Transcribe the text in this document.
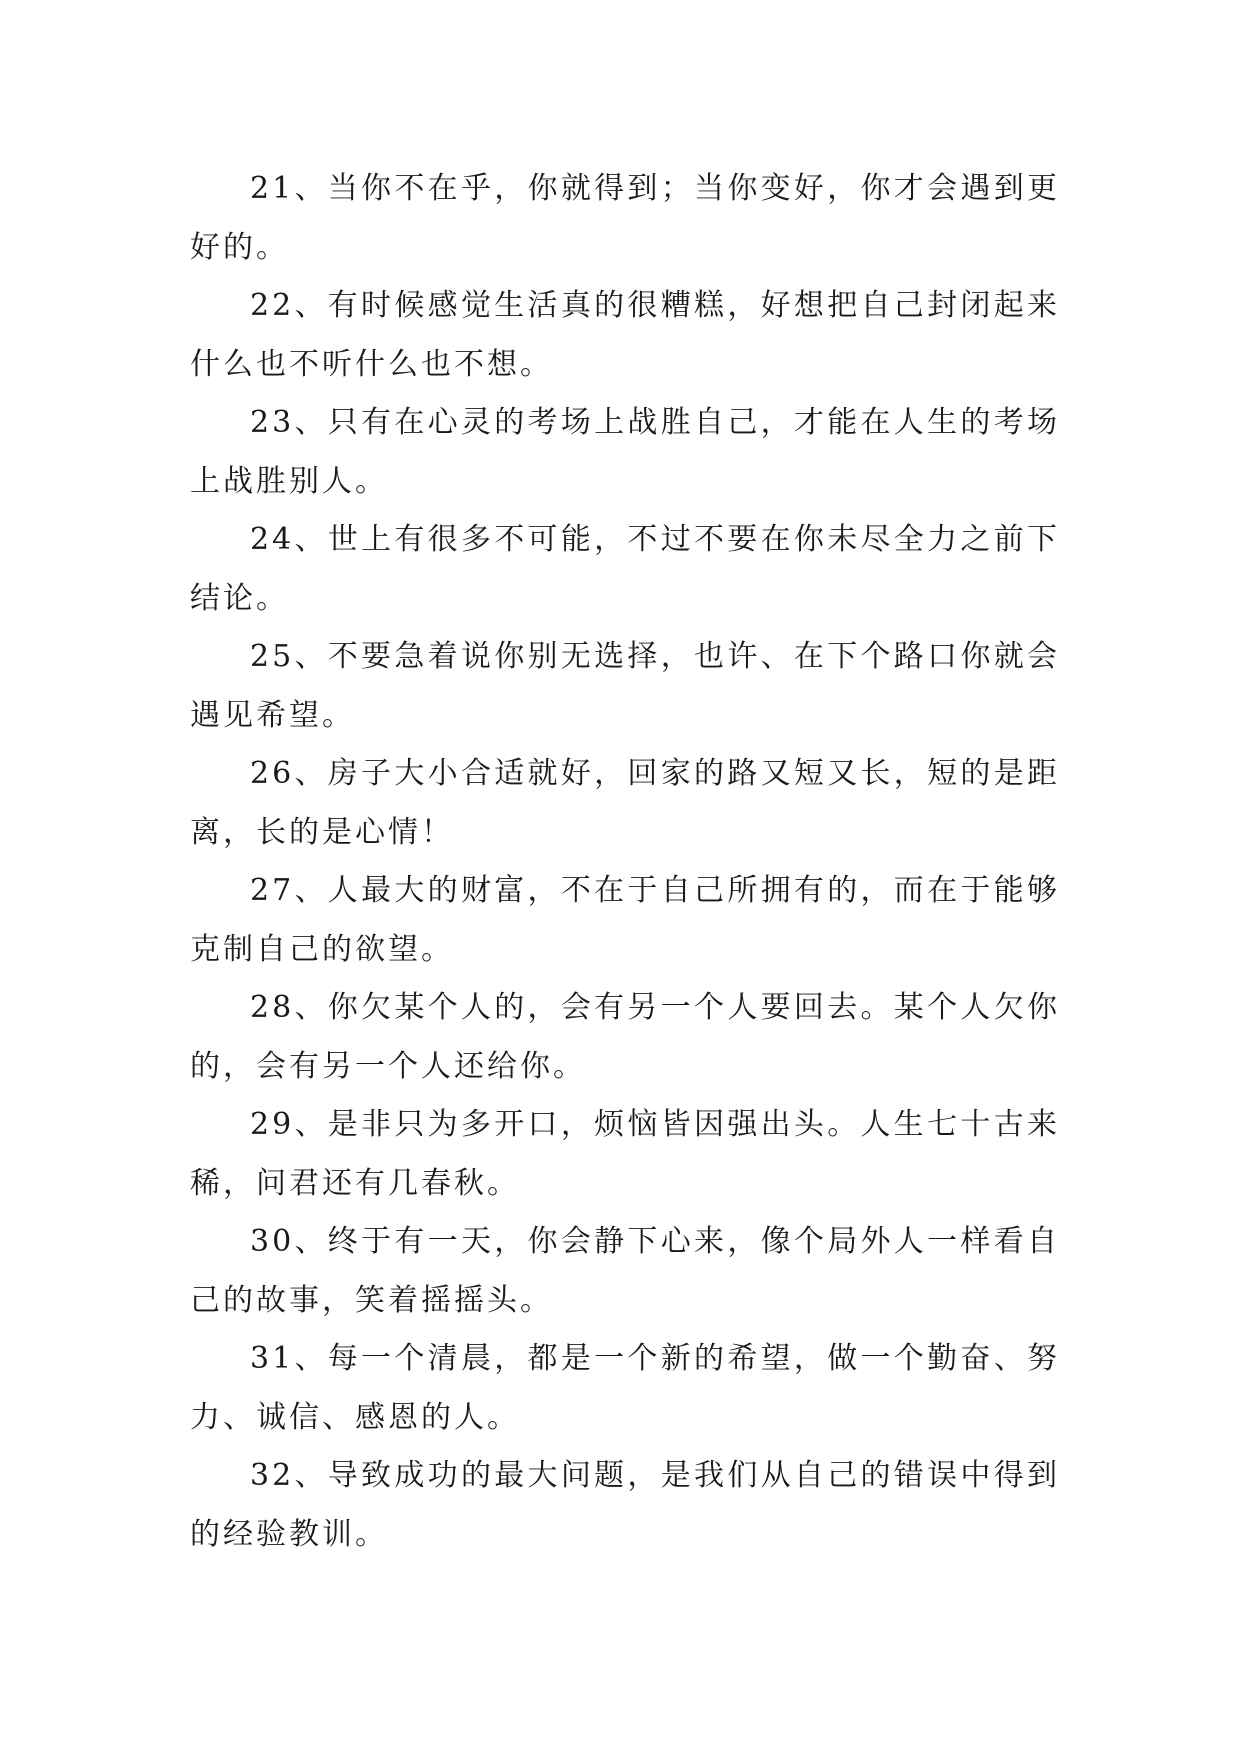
21、当你不在乎，你就得到；当你变好，你才会遇到更好的。

22、有时候感觉生活真的很糟糕，好想把自己封闭起来什么也不听什么也不想。

23、只有在心灵的考场上战胜自己，才能在人生的考场上战胜别人。

24、世上有很多不可能，不过不要在你未尽全力之前下结论。

25、不要急着说你别无选择，也许、在下个路口你就会遇见希望。

26、房子大小合适就好，回家的路又短又长，短的是距离，长的是心情！

27、人最大的财富，不在于自己所拥有的，而在于能够克制自己的欲望。

28、你欠某个人的，会有另一个人要回去。某个人欠你的，会有另一个人还给你。

29、是非只为多开口，烦恼皆因强出头。人生七十古来稀，问君还有几春秋。

30、终于有一天，你会静下心来，像个局外人一样看自己的故事，笑着摇摇头。

31、每一个清晨，都是一个新的希望，做一个勤奋、努力、诚信、感恩的人。

32、导致成功的最大问题，是我们从自己的错误中得到的经验教训。
